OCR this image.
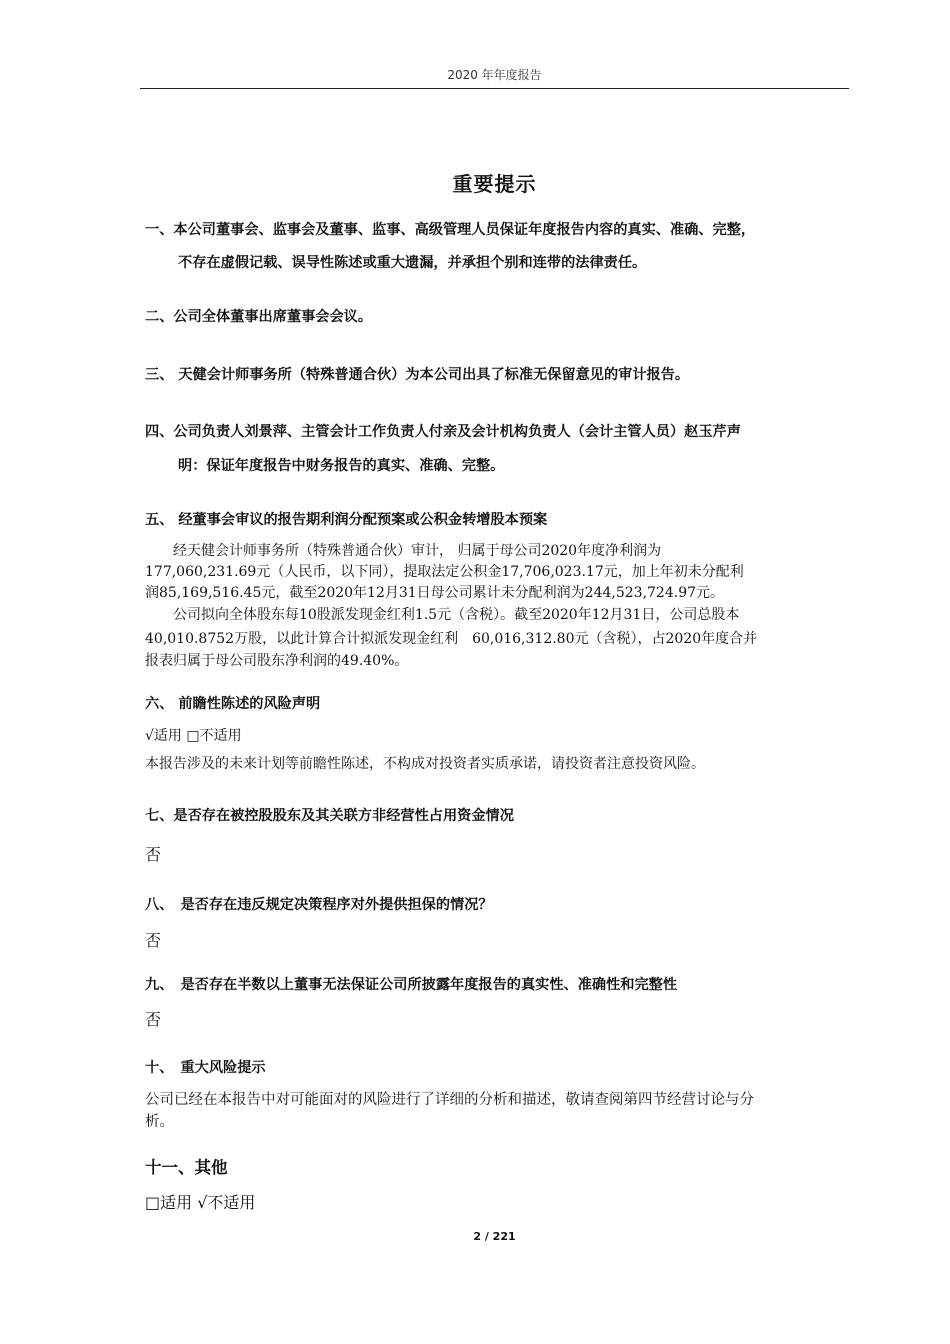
2020 年年度报告
重要提示
一、本公司董事会、监事会及董事、监事、高级管理人员保证年度报告内容的真实、准确、完整，
不存在虚假记载、误导性陈述或重大遗漏，并承担个别和连带的法律责任。
二、公司全体董事出席董事会会议。
三、 天健会计师事务所（特殊普通合伙）为本公司出具了标准无保留意见的审计报告。
四、公司负责人刘景萍、主管会计工作负责人付亲及会计机构负责人（会计主管人员）赵玉芹声
明：保证年度报告中财务报告的真实、准确、完整。
五、 经董事会审议的报告期利润分配预案或公积金转增股本预案
经天健会计师事务所（特殊普通合伙）审计， 归属于母公司2020年度净利润为
177,060,231.69元（人民币，以下同），提取法定公积金17,706,023.17元，加上年初未分配利
润85,169,516.45元，截至2020年12月31日母公司累计未分配利润为244,523,724.97元。
公司拟向全体股东每10股派发现金红利1.5元（含税）。截至2020年12月31日，公司总股本
40,010.8752万股，以此计算合计拟派发现金红利　60,016,312.80元（含税），占2020年度合并
报表归属于母公司股东净利润的49.40%。
六、 前瞻性陈述的风险声明
√适用 □不适用
本报告涉及的未来计划等前瞻性陈述，不构成对投资者实质承诺，请投资者注意投资风险。
七、是否存在被控股股东及其关联方非经营性占用资金情况
否
八、　是否存在违反规定决策程序对外提供担保的情况？
否
九、　是否存在半数以上董事无法保证公司所披露年度报告的真实性、准确性和完整性
否
十、　重大风险提示
公司已经在本报告中对可能面对的风险进行了详细的分析和描述，敬请查阅第四节经营讨论与分
析。
十一、其他
□适用 √不适用
2 / 221
